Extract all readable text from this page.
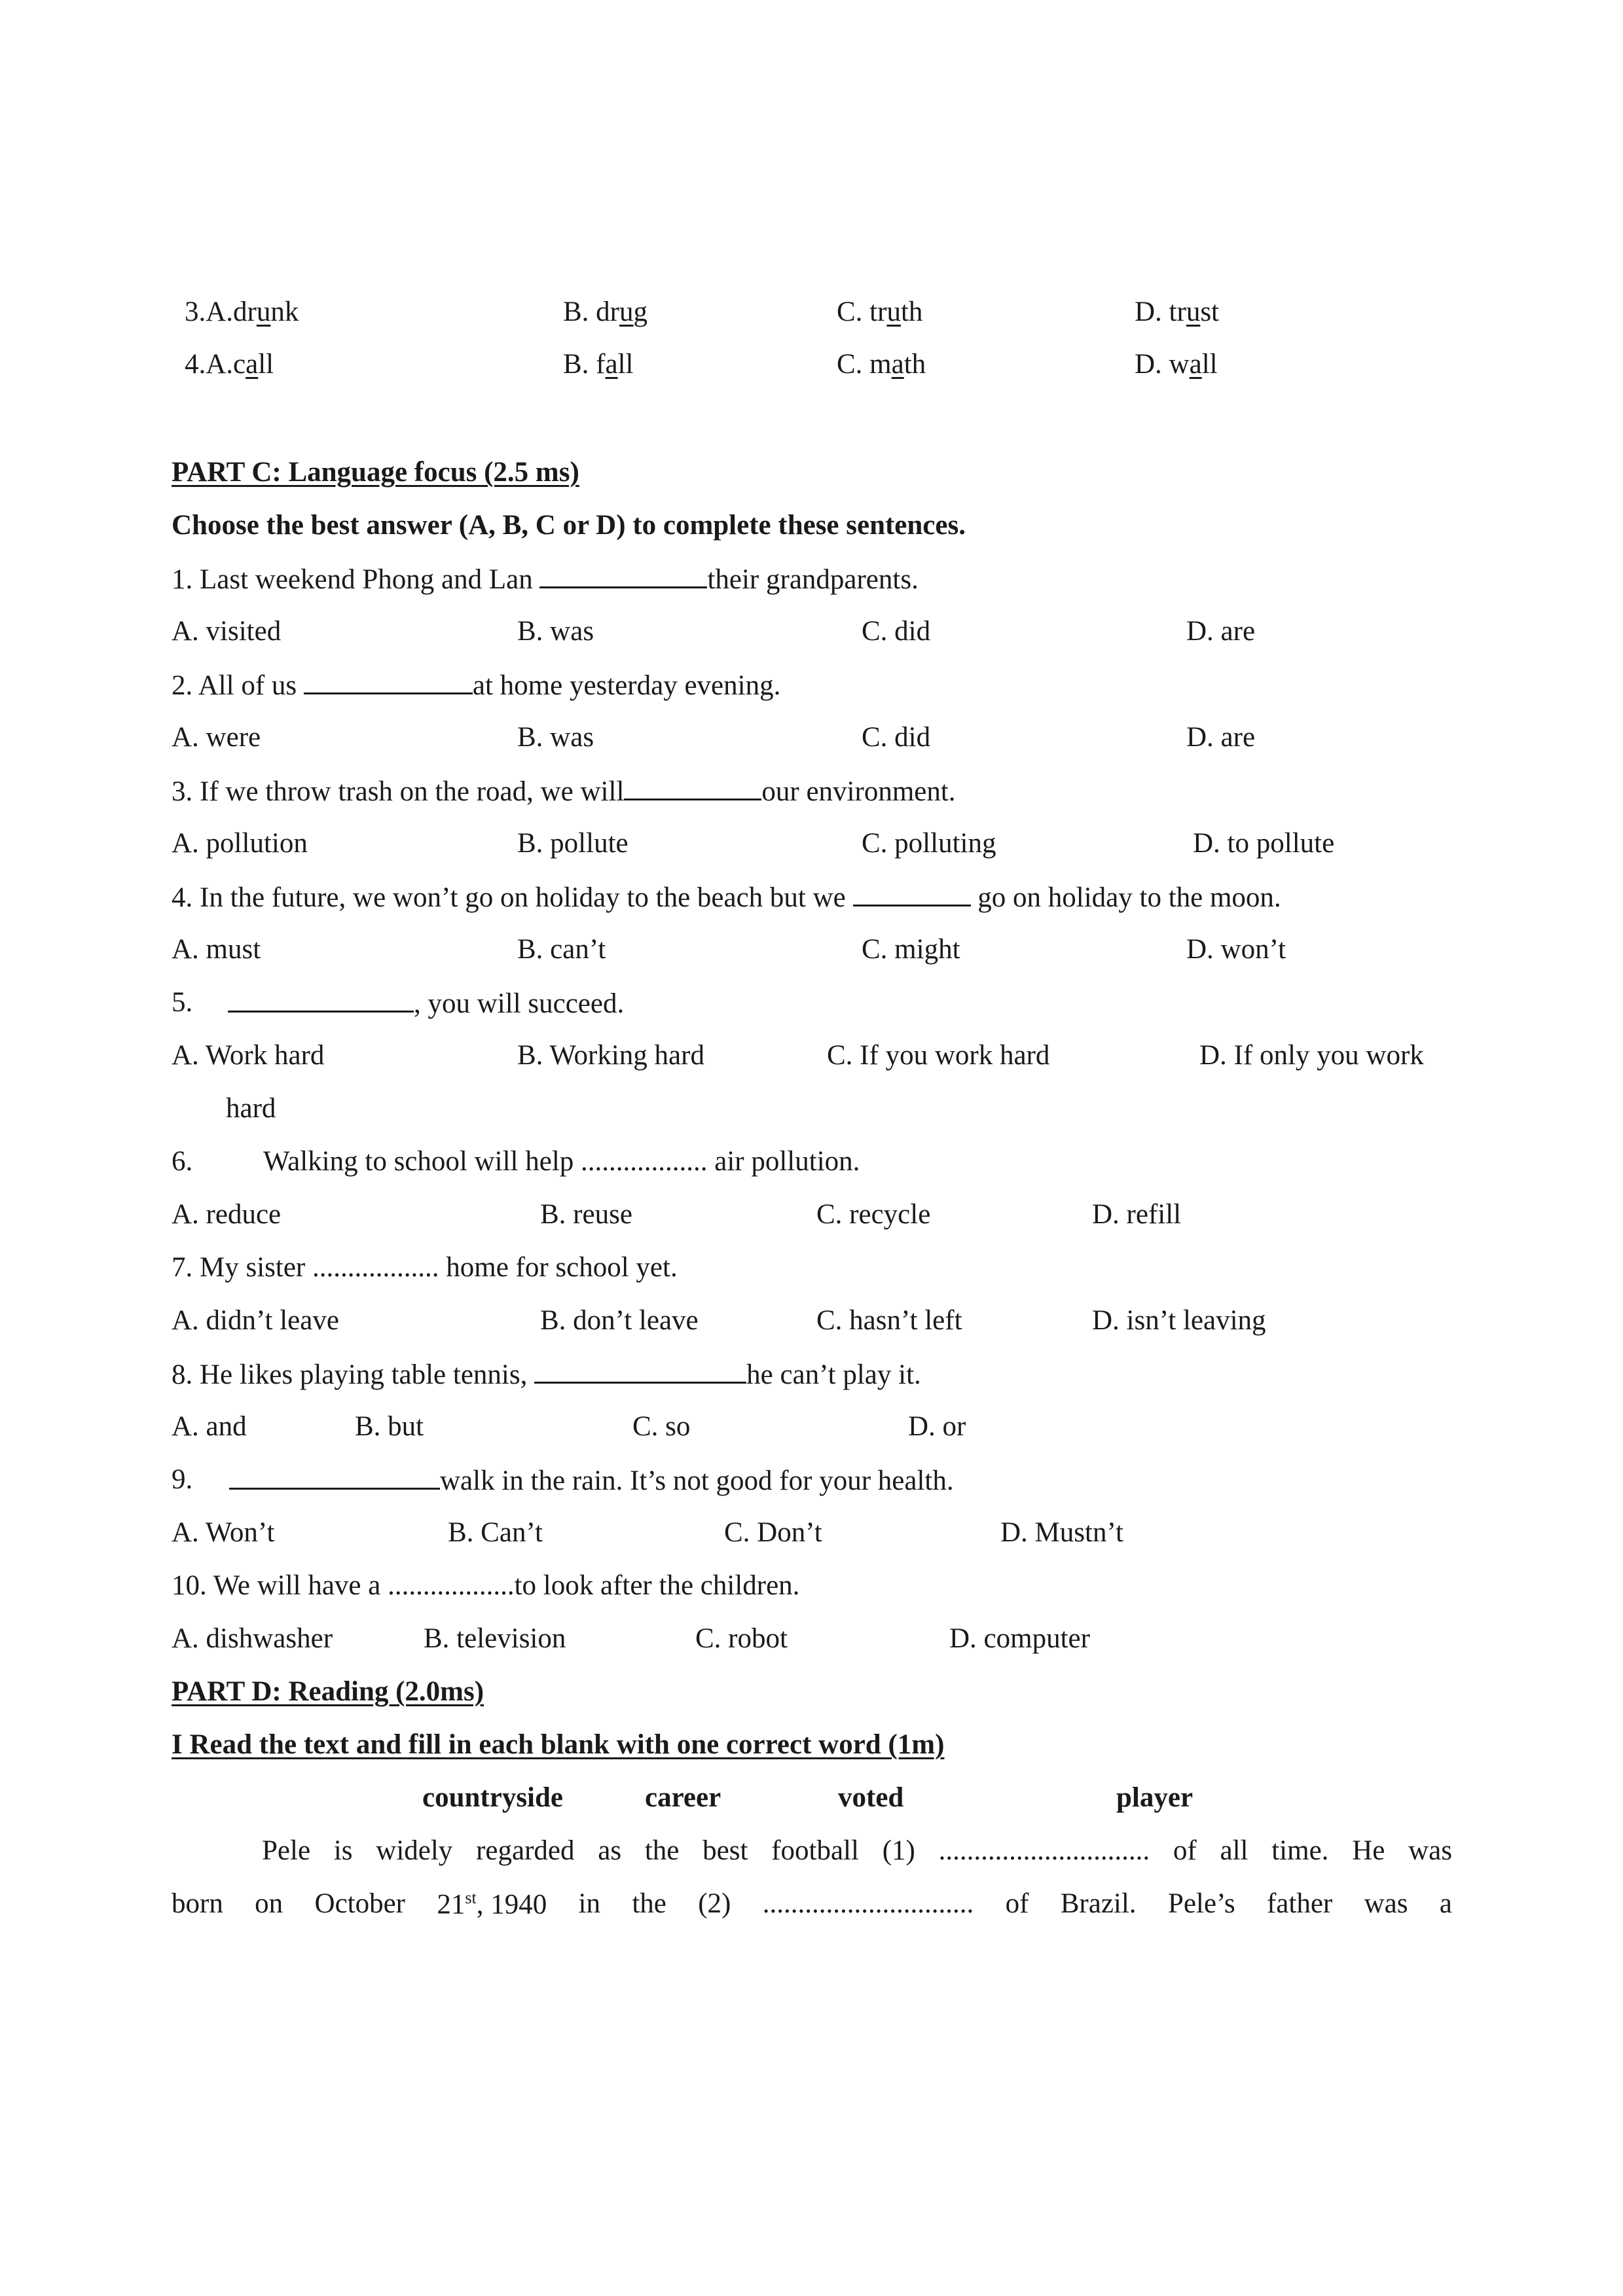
3.A.drunk	B. drug	C. truth	D. trust
4.A.call	B. fall	C. math	D. wall
PART C: Language focus (2.5 ms)
Choose the best answer (A, B, C or D) to complete these sentences.
1. Last weekend Phong and Lan	their grandparents.
A. visited	B. was	C. did	D. are
2. All of us	at home yesterday evening.
A. were	B. was	C. did	D. are
3. If we throw trash on the road, we will	our environment.
A. pollution	B. pollute	C. polluting	D. to pollute
4. In the future, we won’t go on holiday to the beach but we	go on holiday to the moon.
A. must	B. can’t	C. might	D. won’t
5.	, you will succeed.
A. Work hard	B. Working hard	C. If you work hard	D. If only you work
hard
6.	Walking to school will help .................. air pollution.
A. reduce	B. reuse	C. recycle	D. refill
7. My sister .................. home for school yet.
A. didn’t leave	B. don’t leave	C. hasn’t left	D. isn’t leaving
8. He likes playing table tennis,	he can’t play it.
A. and	B. but	C. so	D. or
9.	walk in the rain. It’s not good for your health.
A. Won’t	B. Can’t	C. Don’t	D. Mustn’t
10. We will have a ..................to look after the children.
A. dishwasher	B. television	C. robot	D. computer
PART D: Reading (2.0ms)
I Read the text and fill in each blank with one correct word (1m)
countryside	career	voted	player
Pele is widely regarded as the best football (1) .............................. of all time. He was
born on October 21st, 1940 in the (2) .............................. of Brazil. Pele’s father was a
